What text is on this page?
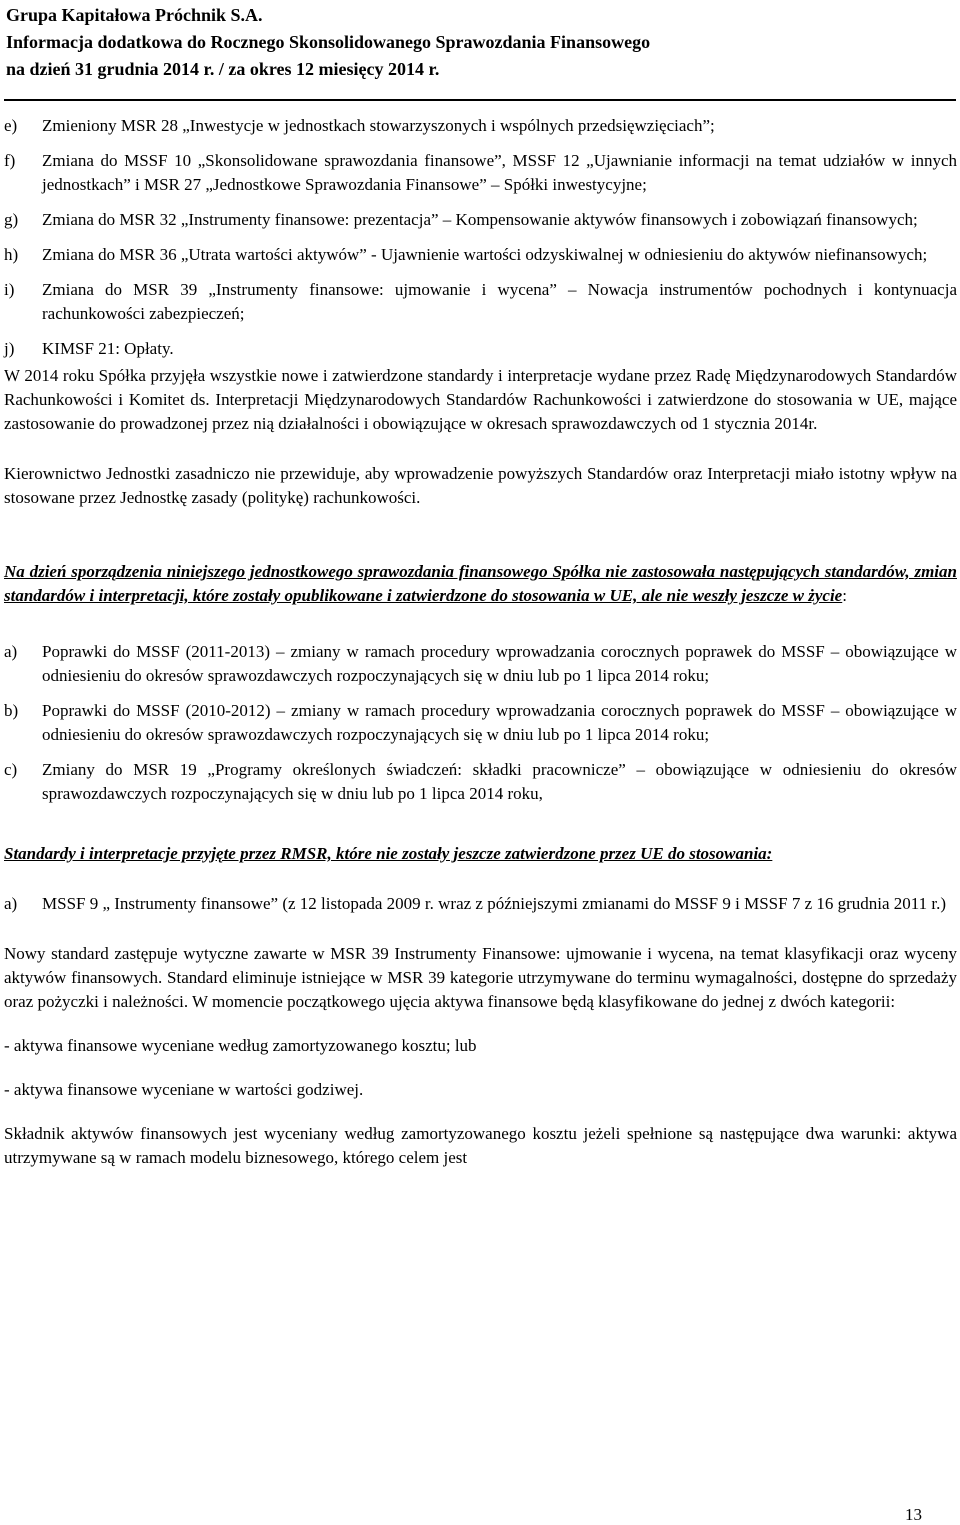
Grupa Kapitałowa Próchnik S.A.
Informacja dodatkowa do Rocznego Skonsolidowanego Sprawozdania Finansowego
na dzień 31 grudnia 2014 r. / za okres 12 miesięcy 2014 r.
e)	Zmieniony MSR 28 „Inwestycje w jednostkach stowarzyszonych i wspólnych przedsięwzięciach”;
f)	Zmiana do MSSF 10 „Skonsolidowane sprawozdania finansowe”, MSSF 12 „Ujawnianie informacji na temat udziałów w innych jednostkach” i MSR 27 „Jednostkowe Sprawozdania Finansowe” – Spółki inwestycyjne;
g)	Zmiana do MSR 32 „Instrumenty finansowe: prezentacja” – Kompensowanie aktywów finansowych i zobowiązań finansowych;
h)	Zmiana do MSR 36 „Utrata wartości aktywów” - Ujawnienie wartości odzyskiwalnej w odniesieniu do aktywów niefinansowych;
i)	Zmiana do MSR 39 „Instrumenty finansowe: ujmowanie i wycena” – Nowacja instrumentów pochodnych i kontynuacja rachunkowości zabezpieczeń;
j)	KIMSF 21: Opłaty.

W 2014 roku Spółka przyjęła wszystkie nowe i zatwierdzone standardy i interpretacje wydane przez Radę Międzynarodowych Standardów Rachunkowości i Komitet ds. Interpretacji Międzynarodowych Standardów Rachunkowości i zatwierdzone do stosowania w UE, mające zastosowanie do prowadzonej przez nią działalności i obowiązujące w okresach sprawozdawczych od 1 stycznia 2014r.

Kierownictwo Jednostki zasadniczo nie przewiduje, aby wprowadzenie powyższych Standardów oraz Interpretacji miało istotny wpływ na stosowane przez Jednostkę zasady (politykę) rachunkowości.

Na dzień sporządzenia niniejszego jednostkowego sprawozdania finansowego Spółka nie zastosowała następujących standardów, zmian standardów i interpretacji, które zostały opublikowane i zatwierdzone do stosowania w UE, ale nie weszły jeszcze w życie:

a)	Poprawki do MSSF (2011-2013) – zmiany w ramach procedury wprowadzania corocznych poprawek do MSSF – obowiązujące w odniesieniu do okresów sprawozdawczych rozpoczynających się w dniu lub po 1 lipca 2014 roku;
b)	Poprawki do MSSF (2010-2012) – zmiany w ramach procedury wprowadzania corocznych poprawek do MSSF – obowiązujące w odniesieniu do okresów sprawozdawczych rozpoczynających się w dniu lub po 1 lipca 2014 roku;
c)	Zmiany do MSR 19 „Programy określonych świadczeń: składki pracownicze” – obowiązujące w odniesieniu do okresów sprawozdawczych rozpoczynających się w dniu lub po 1 lipca 2014 roku,

Standardy i interpretacje przyjęte przez RMSR, które nie zostały jeszcze zatwierdzone przez UE do stosowania:

a)	MSSF 9 „ Instrumenty finansowe” (z 12 listopada 2009 r. wraz z późniejszymi zmianami do MSSF 9 i MSSF 7 z 16 grudnia 2011 r.)

Nowy standard zastępuje wytyczne zawarte w MSR 39 Instrumenty Finansowe: ujmowanie i wycena, na temat klasyfikacji oraz wyceny aktywów finansowych. Standard eliminuje istniejące w MSR 39 kategorie utrzymywane do terminu wymagalności, dostępne do sprzedaży oraz pożyczki i należności. W momencie początkowego ujęcia aktywa finansowe będą klasyfikowane do jednej z dwóch kategorii:

- aktywa finansowe wyceniane według zamortyzowanego kosztu; lub

- aktywa finansowe wyceniane w wartości godziwej.

Składnik aktywów finansowych jest wyceniany według zamortyzowanego kosztu jeżeli spełnione są następujące dwa warunki: aktywa utrzymywane są w ramach modelu biznesowego, którego celem jest

13
